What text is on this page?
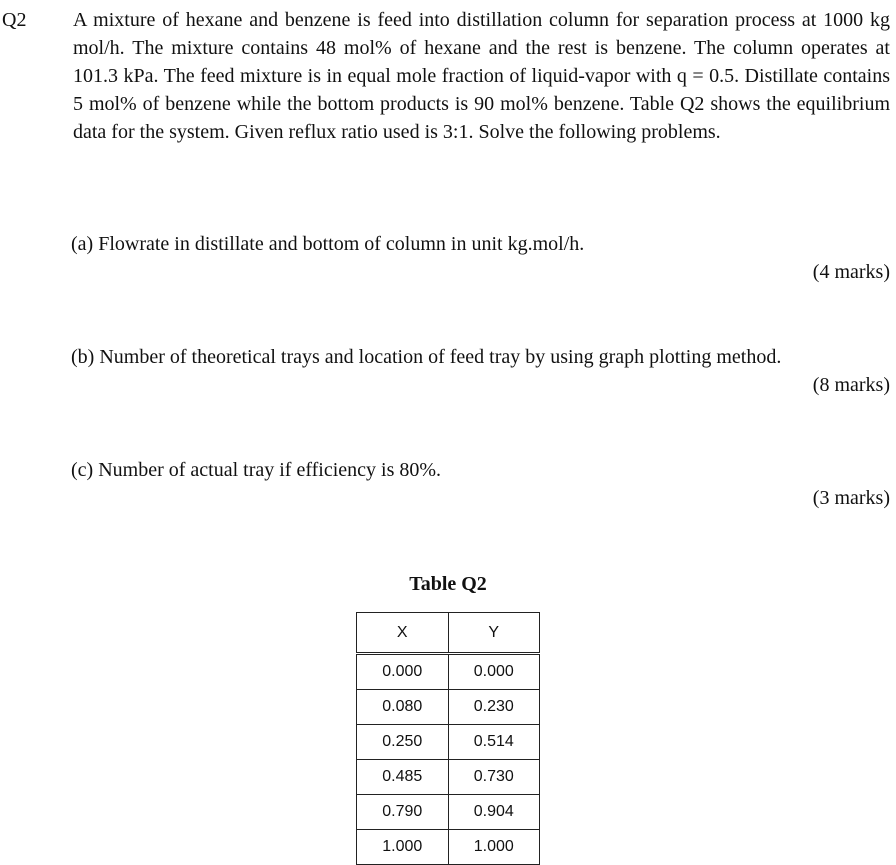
Q2 A mixture of hexane and benzene is feed into distillation column for separation process at 1000 kg mol/h. The mixture contains 48 mol% of hexane and the rest is benzene. The column operates at 101.3 kPa. The feed mixture is in equal mole fraction of liquid-vapor with q = 0.5. Distillate contains 5 mol% of benzene while the bottom products is 90 mol% benzene. Table Q2 shows the equilibrium data for the system. Given reflux ratio used is 3:1. Solve the following problems.

(a) Flowrate in distillate and bottom of column in unit kg.mol/h.
(4 marks)
(b) Number of theoretical trays and location of feed tray by using graph plotting method.
(8 marks)
(c) Number of actual tray if efficiency is 80%.
(3 marks)
Table Q2
X	Y
0.000	0.000
0.080	0.230
0.250	0.514
0.485	0.730
0.790	0.904
1.000	1.000
